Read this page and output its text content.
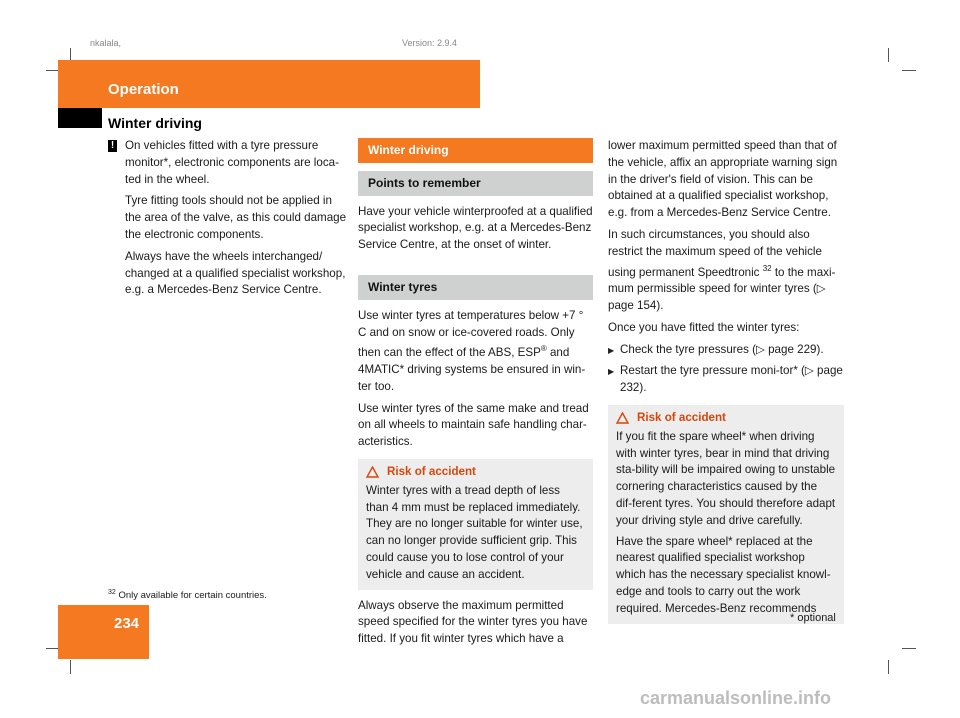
nkalala,	Version: 2.9.4
Operation
Winter driving
! On vehicles fitted with a tyre pressure monitor*, electronic components are loca-ted in the wheel.

Tyre fitting tools should not be applied in the area of the valve, as this could damage the electronic components.

Always have the wheels interchanged/ changed at a qualified specialist workshop, e.g. a Mercedes-Benz Service Centre.

Winter driving
Points to remember

Have your vehicle winterproofed at a qualified specialist workshop, e.g. at a Mercedes-Benz Service Centre, at the onset of winter.

Winter tyres

Use winter tyres at temperatures below +7 ° C and on snow or ice-covered roads. Only then can the effect of the ABS, ESP® and 4MATIC* driving systems be ensured in win-ter too.

Use winter tyres of the same make and tread on all wheels to maintain safe handling char-acteristics.

Risk of accident
Winter tyres with a tread depth of less than 4 mm must be replaced immediately. They are no longer suitable for winter use, can no longer provide sufficient grip. This could cause you to lose control of your vehicle and cause an accident.

Always observe the maximum permitted speed specified for the winter tyres you have fitted. If you fit winter tyres which have a

lower maximum permitted speed than that of the vehicle, affix an appropriate warning sign in the driver's field of vision. This can be obtained at a qualified specialist workshop, e.g. from a Mercedes-Benz Service Centre.

In such circumstances, you should also restrict the maximum speed of the vehicle using permanent Speedtronic $^{32}$ to the maxi-mum permissible speed for winter tyres (▷ page 154).

Once you have fitted the winter tyres:

▶ Check the tyre pressures (▷ page 229).
▶ Restart the tyre pressure moni-tor* (▷ page 232).
Risk of accident

If you fit the spare wheel* when driving with winter tyres, bear in mind that driving sta-bility will be impaired owing to unstable cornering characteristics caused by the dif-ferent tyres. You should therefore adapt your driving style and drive carefully.

Have the spare wheel* replaced at the nearest qualified specialist workshop which has the necessary specialist knowl-edge and tools to carry out the work required. Mercedes-Benz recommends

$^{32}$ Only available for certain countries.
234	* optional
carmanualsonline.info
